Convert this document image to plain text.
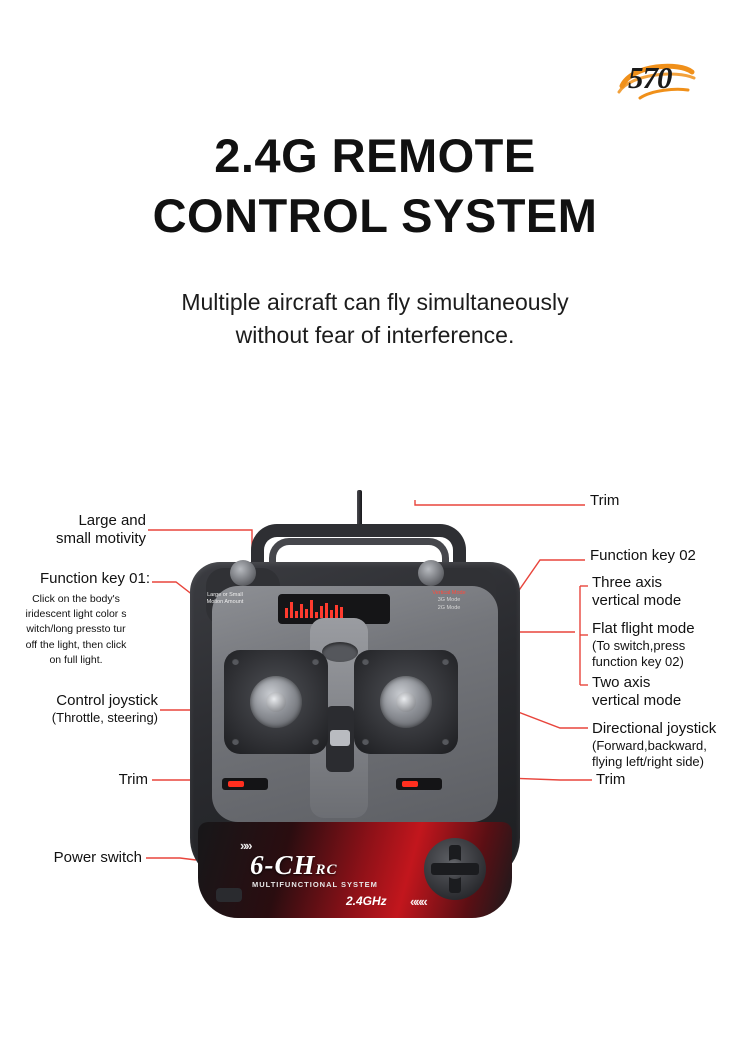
570
2.4G REMOTE
CONTROL SYSTEM
Multiple aircraft can fly simultaneously
without fear of interference.
Large or Small
Motion Amount
Vertical Mode
3G Mode
2G Mode
»»
6-CHRC
MULTIFUNCTIONAL SYSTEM
2.4GHz «««
Trim
Function key 02
Three axis
vertical mode
Flat flight mode
(To switch,press
function key 02)
Two axis
vertical mode
Directional joystick
(Forward,backward,
flying left/right side)
Trim
Large and
small motivity
Function key 01:
Click on the body's
iridescent light color s
witch/long pressto tur
off the light, then click
on full light.
Control joystick
(Throttle, steering)
Trim
Power switch
